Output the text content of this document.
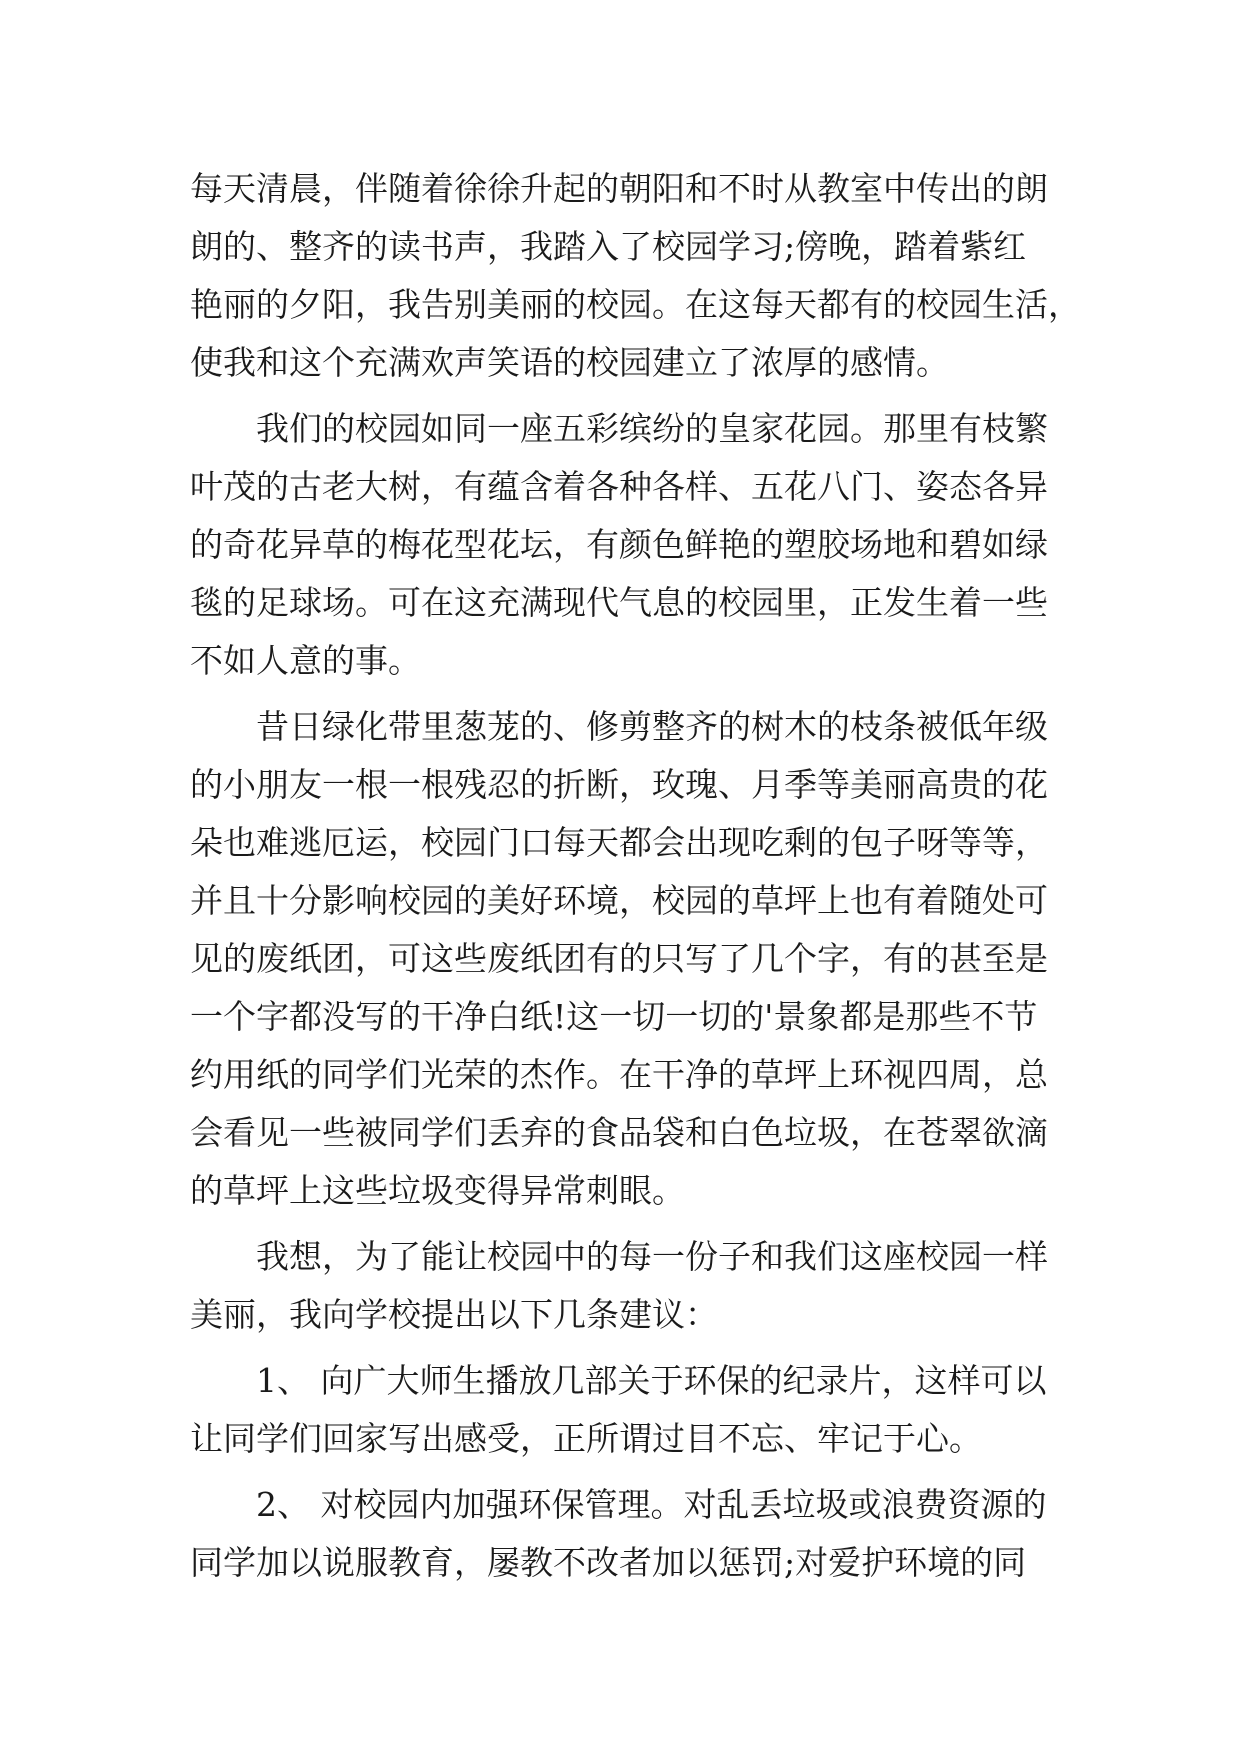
每天清晨，伴随着徐徐升起的朝阳和不时从教室中传出的朗
朗的、整齐的读书声，我踏入了校园学习;傍晚，踏着紫红
艳丽的夕阳，我告别美丽的校园。在这每天都有的校园生活，
使我和这个充满欢声笑语的校园建立了浓厚的感情。
我们的校园如同一座五彩缤纷的皇家花园。那里有枝繁
叶茂的古老大树，有蕴含着各种各样、五花八门、姿态各异
的奇花异草的梅花型花坛，有颜色鲜艳的塑胶场地和碧如绿
毯的足球场。可在这充满现代气息的校园里，正发生着一些
不如人意的事。
昔日绿化带里葱茏的、修剪整齐的树木的枝条被低年级
的小朋友一根一根残忍的折断，玫瑰、月季等美丽高贵的花
朵也难逃厄运，校园门口每天都会出现吃剩的包子呀等等，
并且十分影响校园的美好环境，校园的草坪上也有着随处可
见的废纸团，可这些废纸团有的只写了几个字，有的甚至是
一个字都没写的干净白纸!这一切一切的'景象都是那些不节
约用纸的同学们光荣的杰作。在干净的草坪上环视四周，总
会看见一些被同学们丢弃的食品袋和白色垃圾，在苍翠欲滴
的草坪上这些垃圾变得异常刺眼。
我想，为了能让校园中的每一份子和我们这座校园一样
美丽，我向学校提出以下几条建议：
1、 向广大师生播放几部关于环保的纪录片，这样可以
让同学们回家写出感受，正所谓过目不忘、牢记于心。
2、 对校园内加强环保管理。对乱丢垃圾或浪费资源的
同学加以说服教育，屡教不改者加以惩罚;对爱护环境的同
